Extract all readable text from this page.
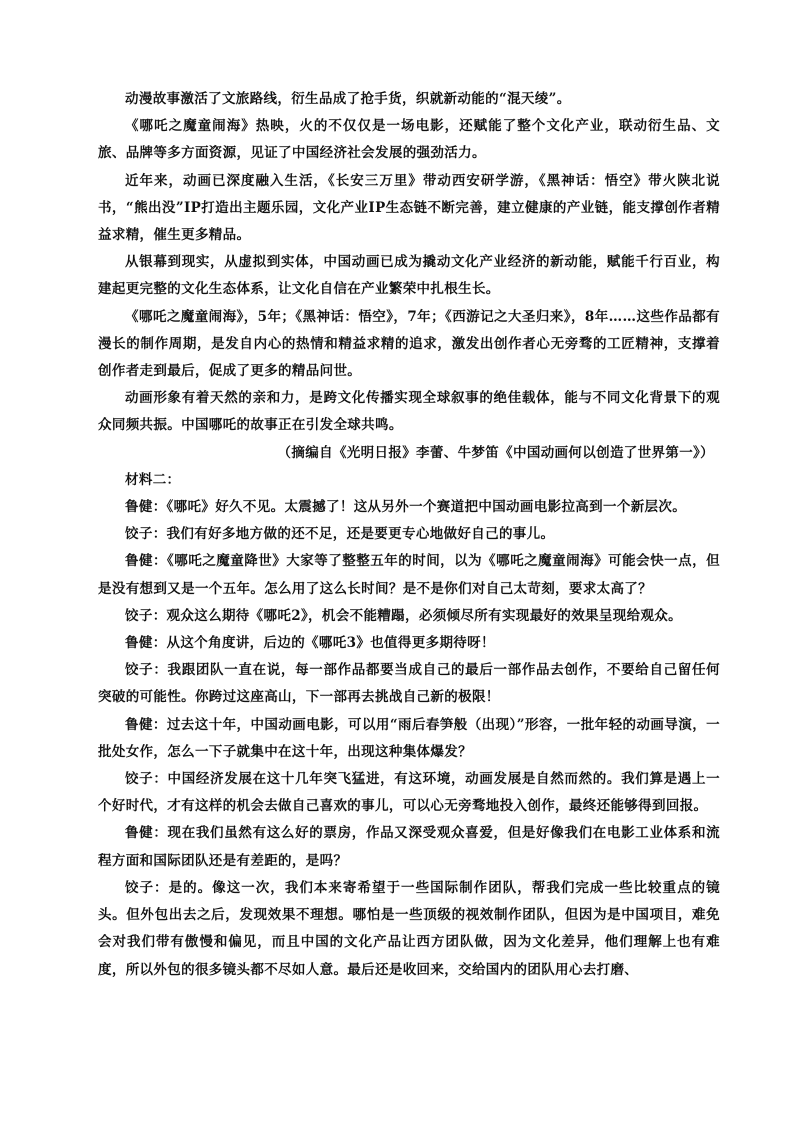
动漫故事激活了文旅路线，衍生品成了抢手货，织就新动能的“混天绫”。

《哪吒之魔童闹海》热映，火的不仅仅是一场电影，还赋能了整个文化产业，联动衍生品、文旅、品牌等多方面资源，见证了中国经济社会发展的强劲活力。

近年来，动画已深度融入生活，《长安三万里》带动西安研学游，《黑神话：悟空》带火陕北说书，“熊出没”IP打造出主题乐园，文化产业IP生态链不断完善，建立健康的产业链，能支撑创作者精益求精，催生更多精品。

从银幕到现实，从虚拟到实体，中国动画已成为撬动文化产业经济的新动能，赋能千行百业，构建起更完整的文化生态体系，让文化自信在产业繁荣中扎根生长。

《哪吒之魔童闹海》，5年；《黑神话：悟空》，7年；《西游记之大圣归来》，8年……这些作品都有漫长的制作周期，是发自内心的热情和精益求精的追求，激发出创作者心无旁骛的工匠精神，支撑着创作者走到最后，促成了更多的精品问世。

动画形象有着天然的亲和力，是跨文化传播实现全球叙事的绝佳载体，能与不同文化背景下的观众同频共振。中国哪吒的故事正在引发全球共鸣。

（摘编自《光明日报》李蕾、牛梦笛《中国动画何以创造了世界第一》）

材料二：

鲁健：《哪吒》好久不见。太震撼了！这从另外一个赛道把中国动画电影拉高到一个新层次。

饺子：我们有好多地方做的还不足，还是要更专心地做好自己的事儿。

鲁健：《哪吒之魔童降世》大家等了整整五年的时间，以为《哪吒之魔童闹海》可能会快一点，但是没有想到又是一个五年。怎么用了这么长时间？是不是你们对自己太苛刻，要求太高了？

饺子：观众这么期待《哪吒2》，机会不能糟蹋，必须倾尽所有实现最好的效果呈现给观众。

鲁健：从这个角度讲，后边的《哪吒3》也值得更多期待呀！

饺子：我跟团队一直在说，每一部作品都要当成自己的最后一部作品去创作，不要给自己留任何突破的可能性。你跨过这座高山，下一部再去挑战自己新的极限！

鲁健：过去这十年，中国动画电影，可以用“雨后春笋般（出现）”形容，一批年轻的动画导演，一批处女作，怎么一下子就集中在这十年，出现这种集体爆发？

饺子：中国经济发展在这十几年突飞猛进，有这环境，动画发展是自然而然的。我们算是遇上一个好时代，才有这样的机会去做自己喜欢的事儿，可以心无旁骛地投入创作，最终还能够得到回报。

鲁健：现在我们虽然有这么好的票房，作品又深受观众喜爱，但是好像我们在电影工业体系和流程方面和国际团队还是有差距的，是吗？

饺子：是的。像这一次，我们本来寄希望于一些国际制作团队，帮我们完成一些比较重点的镜头。但外包出去之后，发现效果不理想。哪怕是一些顶级的视效制作团队，但因为是中国项目，难免会对我们带有傲慢和偏见，而且中国的文化产品让西方团队做，因为文化差异，他们理解上也有难度，所以外包的很多镜头都不尽如人意。最后还是收回来，交给国内的团队用心去打磨、
